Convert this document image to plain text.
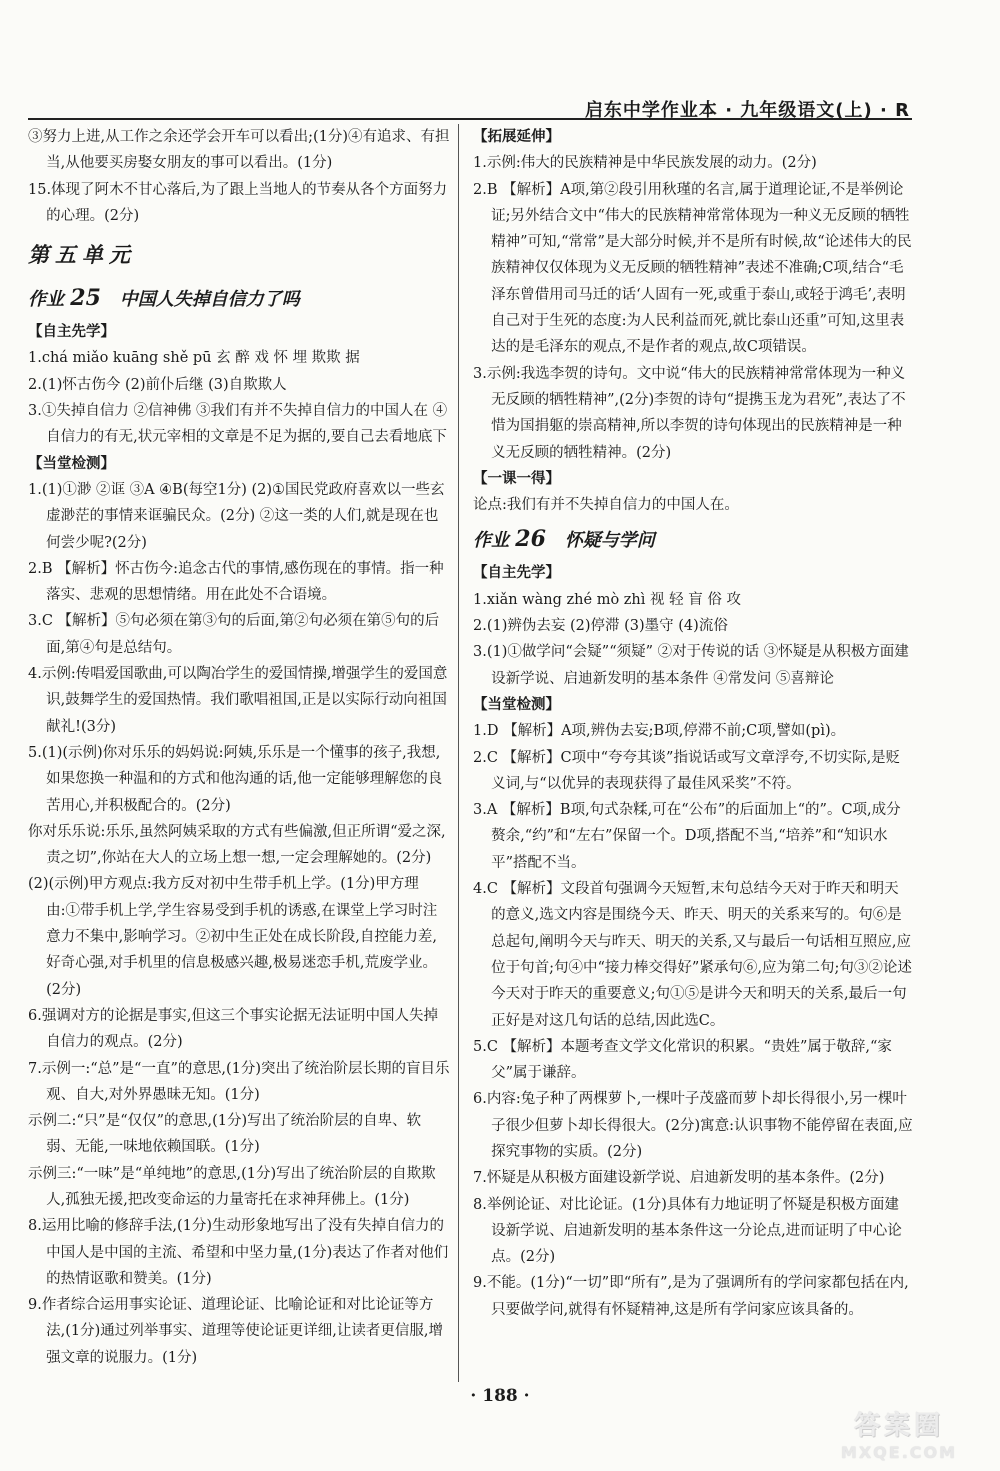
启东中学作业本 · 九年级语文(上) · R

③努力上进,从工作之余还学会开车可以看出;(1分)④有追求、有担当,从他要买房娶女朋友的事可以看出。(1分)

15.体现了阿木不甘心落后,为了跟上当地人的节奏从各个方面努力的心理。(2分)

第五单元
作业 25 中国人失掉自信力了吗
【自主先学】

1.chá miǎo kuāng shě pū 玄 醉 戏 怀 埋 欺欺 据

2.(1)怀古伤今 (2)前仆后继 (3)自欺欺人

3.①失掉自信力 ②信神佛 ③我们有并不失掉自信力的中国人在 ④自信力的有无,状元宰相的文章是不足为据的,要自己去看地底下

【当堂检测】

1.(1)①渺 ②诓 ③A ④B(每空1分) (2)①国民党政府喜欢以一些玄虚渺茫的事情来诓骗民众。(2分) ②这一类的人们,就是现在也何尝少呢?(2分)

2.B 【解析】怀古伤今:追念古代的事情,感伤现在的事情。指一种落实、悲观的思想情绪。用在此处不合语境。

3.C 【解析】⑤句必须在第③句的后面,第②句必须在第⑤句的后面,第④句是总结句。

4.示例:传唱爱国歌曲,可以陶冶学生的爱国情操,增强学生的爱国意识,鼓舞学生的爱国热情。我们歌唱祖国,正是以实际行动向祖国献礼!(3分)

5.(1)(示例)你对乐乐的妈妈说:阿姨,乐乐是一个懂事的孩子,我想,如果您换一种温和的方式和他沟通的话,他一定能够理解您的良苦用心,并积极配合的。(2分)

你对乐乐说:乐乐,虽然阿姨采取的方式有些偏激,但正所谓“爱之深,责之切”,你站在大人的立场上想一想,一定会理解她的。(2分)

(2)(示例)甲方观点:我方反对初中生带手机上学。(1分)甲方理由:①带手机上学,学生容易受到手机的诱惑,在课堂上学习时注意力不集中,影响学习。②初中生正处在成长阶段,自控能力差,好奇心强,对手机里的信息极感兴趣,极易迷恋手机,荒废学业。(2分)

6.强调对方的论据是事实,但这三个事实论据无法证明中国人失掉自信力的观点。(2分)

7.示例一:“总”是“一直”的意思,(1分)突出了统治阶层长期的盲目乐观、自大,对外界愚昧无知。(1分)

示例二:“只”是“仅仅”的意思,(1分)写出了统治阶层的自卑、软弱、无能,一味地依赖国联。(1分)

示例三:“一味”是“单纯地”的意思,(1分)写出了统治阶层的自欺欺人,孤独无援,把改变命运的力量寄托在求神拜佛上。(1分)

8.运用比喻的修辞手法,(1分)生动形象地写出了没有失掉自信力的中国人是中国的主流、希望和中坚力量,(1分)表达了作者对他们的热情讴歌和赞美。(1分)

9.作者综合运用事实论证、道理论证、比喻论证和对比论证等方法,(1分)通过列举事实、道理等使论证更详细,让读者更信服,增强文章的说服力。(1分)

【拓展延伸】

1.示例:伟大的民族精神是中华民族发展的动力。(2分)

2.B 【解析】A项,第②段引用秋瑾的名言,属于道理论证,不是举例论证;另外结合文中“伟大的民族精神常常体现为一种义无反顾的牺牲精神”可知,“常常”是大部分时候,并不是所有时候,故“论述伟大的民族精神仅仅体现为义无反顾的牺牲精神”表述不准确;C项,结合“毛泽东曾借用司马迁的话‘人固有一死,或重于泰山,或轻于鸿毛’,表明自己对于生死的态度:为人民利益而死,就比泰山还重”可知,这里表达的是毛泽东的观点,不是作者的观点,故C项错误。

3.示例:我选李贺的诗句。文中说“伟大的民族精神常常体现为一种义无反顾的牺牲精神”,(2分)李贺的诗句“提携玉龙为君死”,表达了不惜为国捐躯的崇高精神,所以李贺的诗句体现出的民族精神是一种义无反顾的牺牲精神。(2分)

【一课一得】

论点:我们有并不失掉自信力的中国人在。

作业 26 怀疑与学问
【自主先学】

1.xiǎn wàng zhé mò zhì 视 轻 盲 俗 攻

2.(1)辨伪去妄 (2)停滞 (3)墨守 (4)流俗

3.(1)①做学问“会疑”“须疑” ②对于传说的话 ③怀疑是从积极方面建设新学说、启迪新发明的基本条件 ④常发问 ⑤喜辩论

【当堂检测】

1.D 【解析】A项,辨伪去妄;B项,停滞不前;C项,譬如(pì)。

2.C 【解析】C项中“夸夸其谈”指说话或写文章浮夸,不切实际,是贬义词,与“以优异的表现获得了最佳风采奖”不符。

3.A 【解析】B项,句式杂糅,可在“公布”的后面加上“的”。C项,成分赘余,“约”和“左右”保留一个。D项,搭配不当,“培养”和“知识水平”搭配不当。

4.C 【解析】文段首句强调今天短暂,末句总结今天对于昨天和明天的意义,选文内容是围绕今天、昨天、明天的关系来写的。句⑥是总起句,阐明今天与昨天、明天的关系,又与最后一句话相互照应,应位于句首;句④中“接力棒交得好”紧承句⑥,应为第二句;句③②论述今天对于昨天的重要意义;句①⑤是讲今天和明天的关系,最后一句正好是对这几句话的总结,因此选C。

5.C 【解析】本题考查文学文化常识的积累。“贵姓”属于敬辞,“家父”属于谦辞。

6.内容:兔子种了两棵萝卜,一棵叶子茂盛而萝卜却长得很小,另一棵叶子很少但萝卜却长得很大。(2分)寓意:认识事物不能停留在表面,应探究事物的实质。(2分)

7.怀疑是从积极方面建设新学说、启迪新发明的基本条件。(2分)

8.举例论证、对比论证。(1分)具体有力地证明了怀疑是积极方面建设新学说、启迪新发明的基本条件这一分论点,进而证明了中心论点。(2分)

9.不能。(1分)“一切”即“所有”,是为了强调所有的学问家都包括在内,只要做学问,就得有怀疑精神,这是所有学问家应该具备的。

· 188 ·
答案圈
MXQE.COM
